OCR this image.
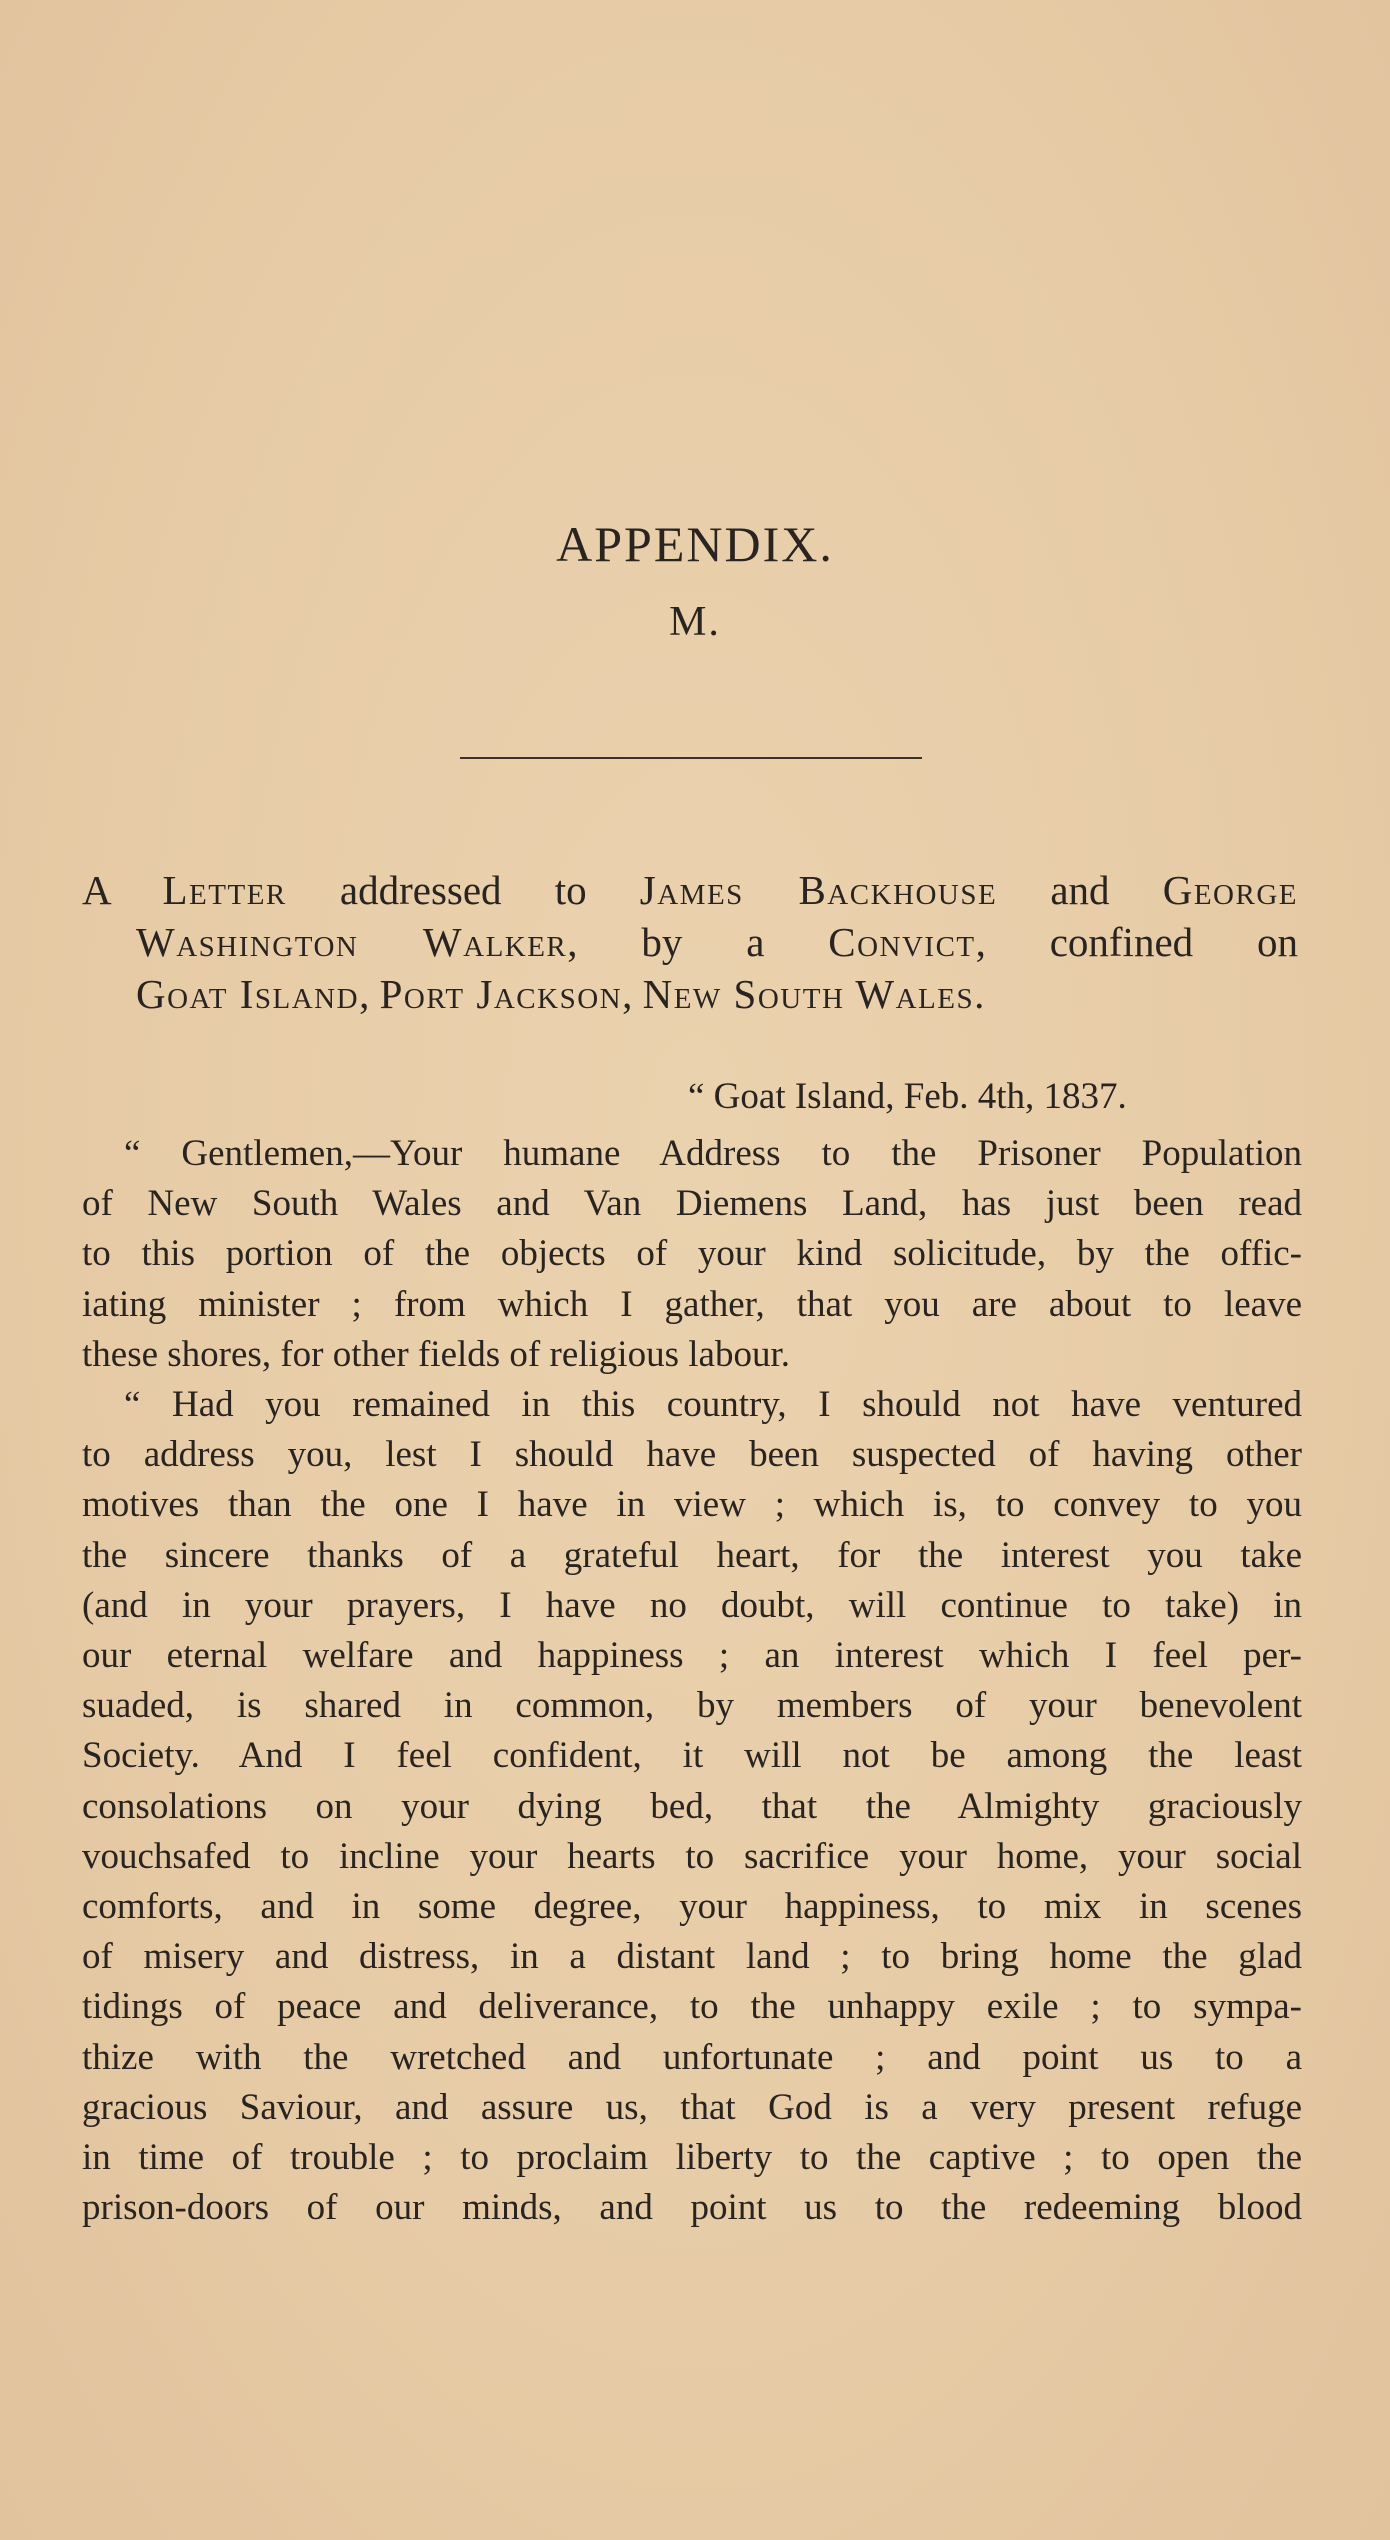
APPENDIX.
M.
A Letter addressed to James Backhouse and George
Washington Walker, by a Convict, confined on
Goat Island, Port Jackson, New South Wales.
“ Goat Island, Feb. 4th, 1837.
“ Gentlemen,—Your humane Address to the Prisoner Population
of New South Wales and Van Diemens Land, has just been read
to this portion of the objects of your kind solicitude, by the offic-
iating minister ; from which I gather, that you are about to leave
these shores, for other fields of religious labour.
“ Had you remained in this country, I should not have ventured
to address you, lest I should have been suspected of having other
motives than the one I have in view ; which is, to convey to you
the sincere thanks of a grateful heart, for the interest you take
(and in your prayers, I have no doubt, will continue to take) in
our eternal welfare and happiness ; an interest which I feel per-
suaded, is shared in common, by members of your benevolent
Society. And I feel confident, it will not be among the least
consolations on your dying bed, that the Almighty graciously
vouchsafed to incline your hearts to sacrifice your home, your social
comforts, and in some degree, your happiness, to mix in scenes
of misery and distress, in a distant land ; to bring home the glad
tidings of peace and deliverance, to the unhappy exile ; to sympa-
thize with the wretched and unfortunate ; and point us to a
gracious Saviour, and assure us, that God is a very present refuge
in time of trouble ; to proclaim liberty to the captive ; to open the
prison-doors of our minds, and point us to the redeeming blood
